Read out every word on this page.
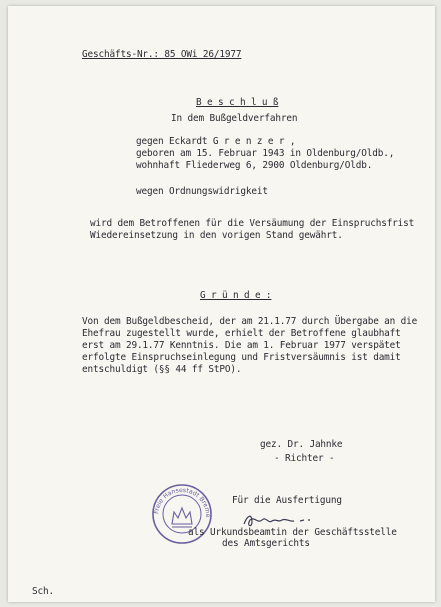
Geschäfts-Nr.: 85 OWi 26/1977
B e s c h l u ß
In dem Bußgeldverfahren
gegen Eckardt G r e n z e r ,
geboren am 15. Februar 1943 in Oldenburg/Oldb.,
wohnhaft Fliederweg 6, 2900 Oldenburg/Oldb.
wegen Ordnungswidrigkeit
wird dem Betroffenen für die Versäumung der Einspruchsfrist
Wiedereinsetzung in den vorigen Stand gewährt.
G r ü n d e :
Von dem Bußgeldbescheid, der am 21.1.77 durch Übergabe an die
Ehefrau zugestellt wurde, erhielt der Betroffene glaubhaft
erst am 29.1.77 Kenntnis. Die am 1. Februar 1977 verspätet
erfolgte Einspruchseinlegung und Fristversäumnis ist damit
entschuldigt (§§ 44 ff StPO).
gez. Dr. Jahnke
- Richter -
Freie Hansestadt Breme
Für die Ausfertigung
als Urkundsbeamtin der Geschäftsstelle
des Amtsgerichts
Sch.
